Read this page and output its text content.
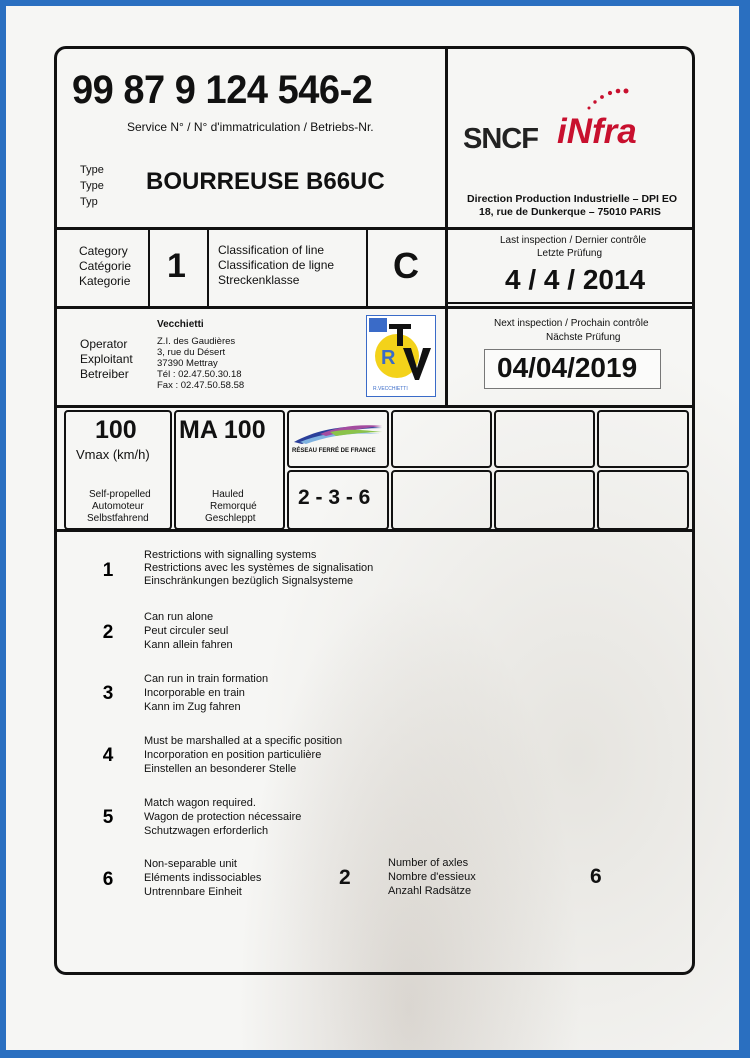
99 87 9 124 546-2
Service N° / N° d'immatriculation / Betriebs-Nr.
Type
Type
Typ
BOURREUSE B66UC
SNCF iNfra
Direction Production Industrielle – DPI EO
18, rue de Dunkerque – 75010 PARIS
Category
Catégorie
Kategorie 1	Classification of line
Classification de ligne
Streckenklasse	C
Last inspection / Dernier contrôle
Letzte Prüfung
4 / 4 / 2014
Operator
Exploitant
Betreiber
Vecchietti
Z.I. des Gaudières
3, rue du Désert
37390 Mettray
Tél : 02.47.50.30.18
Fax : 02.47.50.58.58
R
R.VECCHIETTI
Next inspection / Prochain contrôle
Nächste Prüfung
04/04/2019
100
Vmax (km/h)
Self-propelled
Automoteur
Selbstfahrend
MA 100
Hauled
Remorqué
Geschleppt
RÉSEAU FERRÉ DE FRANCE
2 - 3 - 6
1
Restrictions with signalling systems
Restrictions avec les systèmes de signalisation
Einschränkungen bezüglich Signalsysteme
2
Can run alone
Peut circuler seul
Kann allein fahren
3
Can run in train formation
Incorporable en train
Kann im Zug fahren
4
Must be marshalled at a specific position
Incorporation en position particulière
Einstellen an besonderer Stelle
5
Match wagon required.
Wagon de protection nécessaire
Schutzwagen erforderlich
6
Non-separable unit
Eléments indissociables
Untrennbare Einheit
2
Number of axles
Nombre d'essieux
Anzahl Radsätze
6
